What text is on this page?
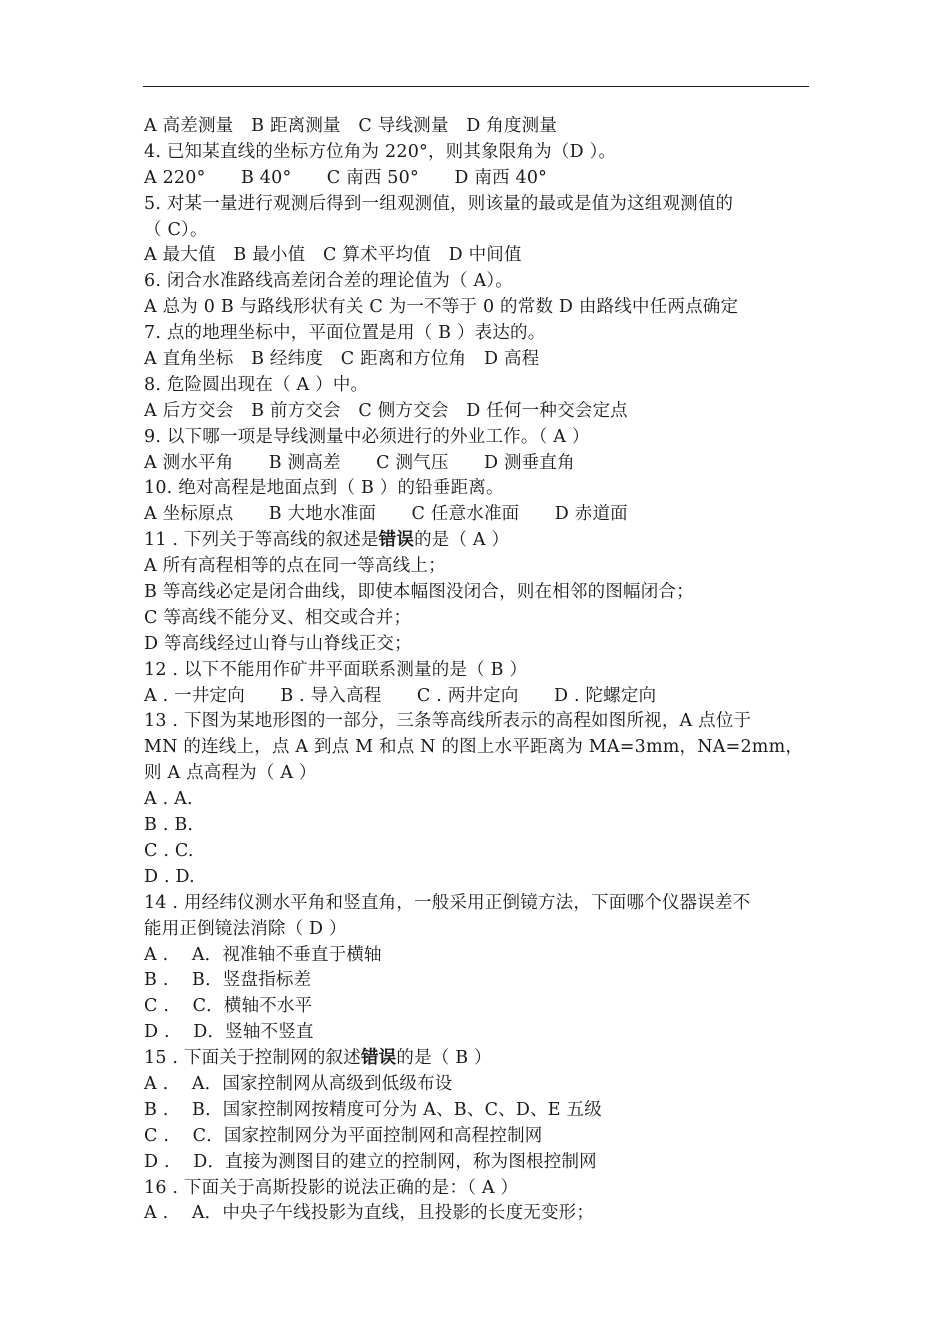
A 高差测量　B 距离测量　C 导线测量　D 角度测量
4. 已知某直线的坐标方位角为 220°，则其象限角为（D ）。
A 220°　　B 40°　　C 南西 50°　　D 南西 40°
5. 对某一量进行观测后得到一组观测值，则该量的最或是值为这组观测值的
（ C）。
A 最大值　B 最小值　C 算术平均值　D 中间值
6. 闭合水准路线高差闭合差的理论值为（ A）。
A 总为 0 B 与路线形状有关 C 为一不等于 0 的常数 D 由路线中任两点确定
7. 点的地理坐标中，平面位置是用（ B ）表达的。
A 直角坐标　B 经纬度　C 距离和方位角　D 高程
8. 危险圆出现在（ A ）中。
A 后方交会　B 前方交会　C 侧方交会　D 任何一种交会定点
9. 以下哪一项是导线测量中必须进行的外业工作。（ A ）
A 测水平角　　B 测高差　　C 测气压　　D 测垂直角
10. 绝对高程是地面点到（ B ）的铅垂距离。
A 坐标原点　　B 大地水准面　　C 任意水准面　　D 赤道面
11 . 下列关于等高线的叙述是错误的是（ A ）
A 所有高程相等的点在同一等高线上；
B 等高线必定是闭合曲线，即使本幅图没闭合，则在相邻的图幅闭合；
C 等高线不能分叉、相交或合并；
D 等高线经过山脊与山脊线正交；
12 . 以下不能用作矿井平面联系测量的是（ B ）
A . 一井定向　　B . 导入高程　　C . 两井定向　　D . 陀螺定向
13 . 下图为某地形图的一部分，三条等高线所表示的高程如图所视，A 点位于
MN 的连线上，点 A 到点 M 和点 N 的图上水平距离为 MA=3mm，NA=2mm，
则 A 点高程为（ A ）
A . A.
B . B.
C . C.
D . D.
14 . 用经纬仪测水平角和竖直角，一般采用正倒镜方法，下面哪个仪器误差不
能用正倒镜法消除（ D ）
A .　 A．视准轴不垂直于横轴
B .　 B．竖盘指标差
C .　 C．横轴不水平
D .　 D．竖轴不竖直
15 . 下面关于控制网的叙述错误的是（ B ）
A .　 A．国家控制网从高级到低级布设
B .　 B．国家控制网按精度可分为 A、B、C、D、E 五级
C .　 C．国家控制网分为平面控制网和高程控制网
D .　 D．直接为测图目的建立的控制网，称为图根控制网
16 . 下面关于高斯投影的说法正确的是：（ A ）
A .　 A．中央子午线投影为直线，且投影的长度无变形；
